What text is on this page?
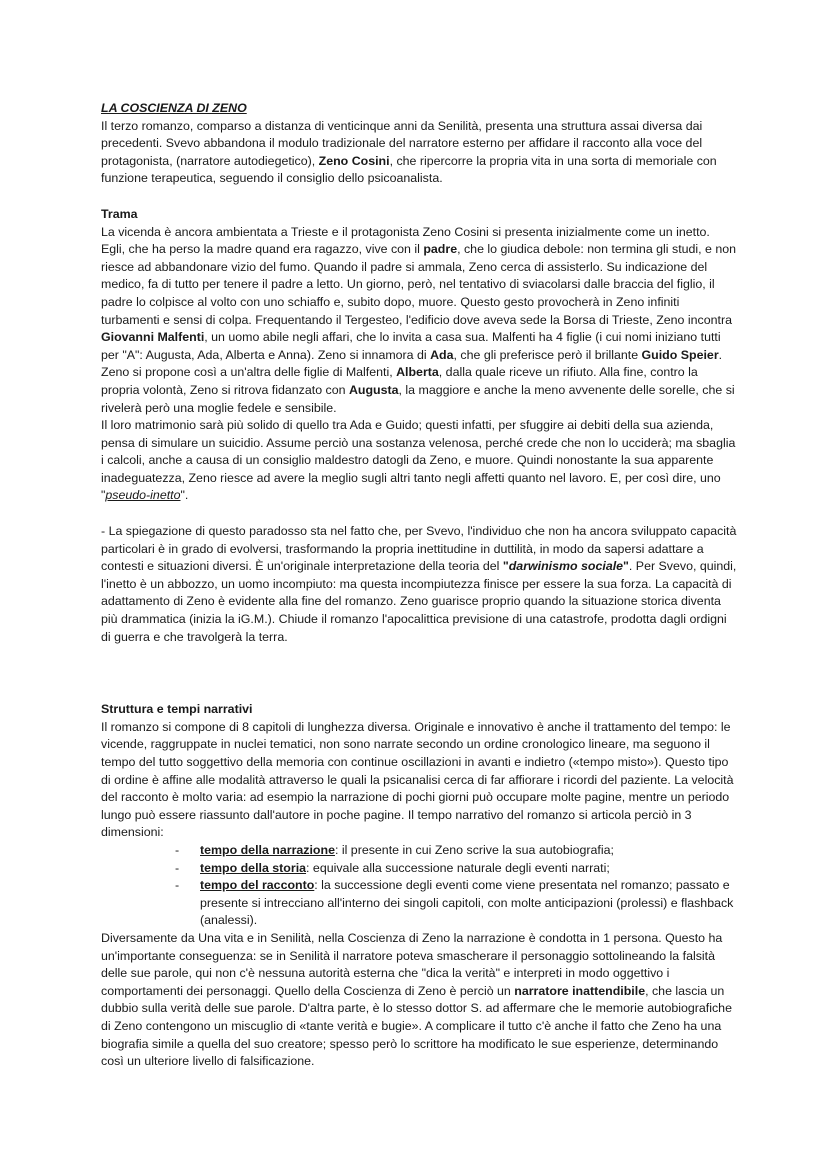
LA COSCIENZA DI ZENO

Il terzo romanzo, comparso a distanza di venticinque anni da Senilità, presenta una struttura assai diversa dai precedenti. Svevo abbandona il modulo tradizionale del narratore esterno per affidare il racconto alla voce del protagonista, (narratore autodiegetico), Zeno Cosini, che ripercorre la propria vita in una sorta di memoriale con funzione terapeutica, seguendo il consiglio dello psicoanalista.

Trama

La vicenda è ancora ambientata a Trieste e il protagonista Zeno Cosini si presenta inizialmente come un inetto. Egli, che ha perso la madre quand era ragazzo, vive con il padre, che lo giudica debole: non termina gli studi, e non riesce ad abbandonare vizio del fumo. Quando il padre si ammala, Zeno cerca di assisterlo. Su indicazione del medico, fa di tutto per tenere il padre a letto. Un giorno, però, nel tentativo di sviacolarsi dalle braccia del figlio, il padre lo colpisce al volto con uno schiaffo e, subito dopo, muore. Questo gesto provocherà in Zeno infiniti turbamenti e sensi di colpa. Frequentando il Tergesteo, l'edificio dove aveva sede la Borsa di Trieste, Zeno incontra Giovanni Malfenti, un uomo abile negli affari, che lo invita a casa sua. Malfenti ha 4 figlie (i cui nomi iniziano tutti per "A": Augusta, Ada, Alberta e Anna). Zeno si innamora di Ada, che gli preferisce però il brillante Guido Speier. Zeno si propone così a un'altra delle figlie di Malfenti, Alberta, dalla quale riceve un rifiuto. Alla fine, contro la propria volontà, Zeno si ritrova fidanzato con Augusta, la maggiore e anche la meno avvenente delle sorelle, che si rivelerà però una moglie fedele e sensibile.

Il loro matrimonio sarà più solido di quello tra Ada e Guido; questi infatti, per sfuggire ai debiti della sua azienda, pensa di simulare un suicidio. Assume perciò una sostanza velenosa, perché crede che non lo ucciderà; ma sbaglia i calcoli, anche a causa di un consiglio maldestro datogli da Zeno, e muore. Quindi nonostante la sua apparente inadeguatezza, Zeno riesce ad avere la meglio sugli altri tanto negli affetti quanto nel lavoro. E, per così dire, uno "pseudo-inetto".

- La spiegazione di questo paradosso sta nel fatto che, per Svevo, l'individuo che non ha ancora sviluppato capacità particolari è in grado di evolversi, trasformando la propria inettitudine in duttilità, in modo da sapersi adattare a contesti e situazioni diversi. È un'originale interpretazione della teoria del "darwinismo sociale". Per Svevo, quindi, l'inetto è un abbozzo, un uomo incompiuto: ma questa incompiutezza finisce per essere la sua forza. La capacità di adattamento di Zeno è evidente alla fine del romanzo. Zeno guarisce proprio quando la situazione storica diventa più drammatica (inizia la iG.M.). Chiude il romanzo l'apocalittica previsione di una catastrofe, prodotta dagli ordigni di guerra e che travolgerà la terra.

Struttura e tempi narrativi

Il romanzo si compone di 8 capitoli di lunghezza diversa. Originale e innovativo è anche il trattamento del tempo: le vicende, raggruppate in nuclei tematici, non sono narrate secondo un ordine cronologico lineare, ma seguono il tempo del tutto soggettivo della memoria con continue oscillazioni in avanti e indietro («tempo misto»). Questo tipo di ordine è affine alle modalità attraverso le quali la psicanalisi cerca di far affiorare i ricordi del paziente. La velocità del racconto è molto varia: ad esempio la narrazione di pochi giorni può occupare molte pagine, mentre un periodo lungo può essere riassunto dall'autore in poche pagine. Il tempo narrativo del romanzo si articola perciò in 3 dimensioni:

- tempo della narrazione: il presente in cui Zeno scrive la sua autobiografia;
- tempo della storia: equivale alla successione naturale degli eventi narrati;
- tempo del racconto: la successione degli eventi come viene presentata nel romanzo; passato e presente si intrecciano all'interno dei singoli capitoli, con molte anticipazioni (prolessi) e flashback (analessi).

Diversamente da Una vita e in Senilità, nella Coscienza di Zeno la narrazione è condotta in 1 persona. Questo ha un'importante conseguenza: se in Senilità il narratore poteva smascherare il personaggio sottolineando la falsità delle sue parole, qui non c'è nessuna autorità esterna che "dica la verità" e interpreti in modo oggettivo i comportamenti dei personaggi. Quello della Coscienza di Zeno è perciò un narratore inattendibile, che lascia un dubbio sulla verità delle sue parole. D'altra parte, è lo stesso dottor S. ad affermare che le memorie autobiografiche di Zeno contengono un miscuglio di «tante verità e bugie». A complicare il tutto c'è anche il fatto che Zeno ha una biografia simile a quella del suo creatore; spesso però lo scrittore ha modificato le sue esperienze, determinando così un ulteriore livello di falsificazione.
